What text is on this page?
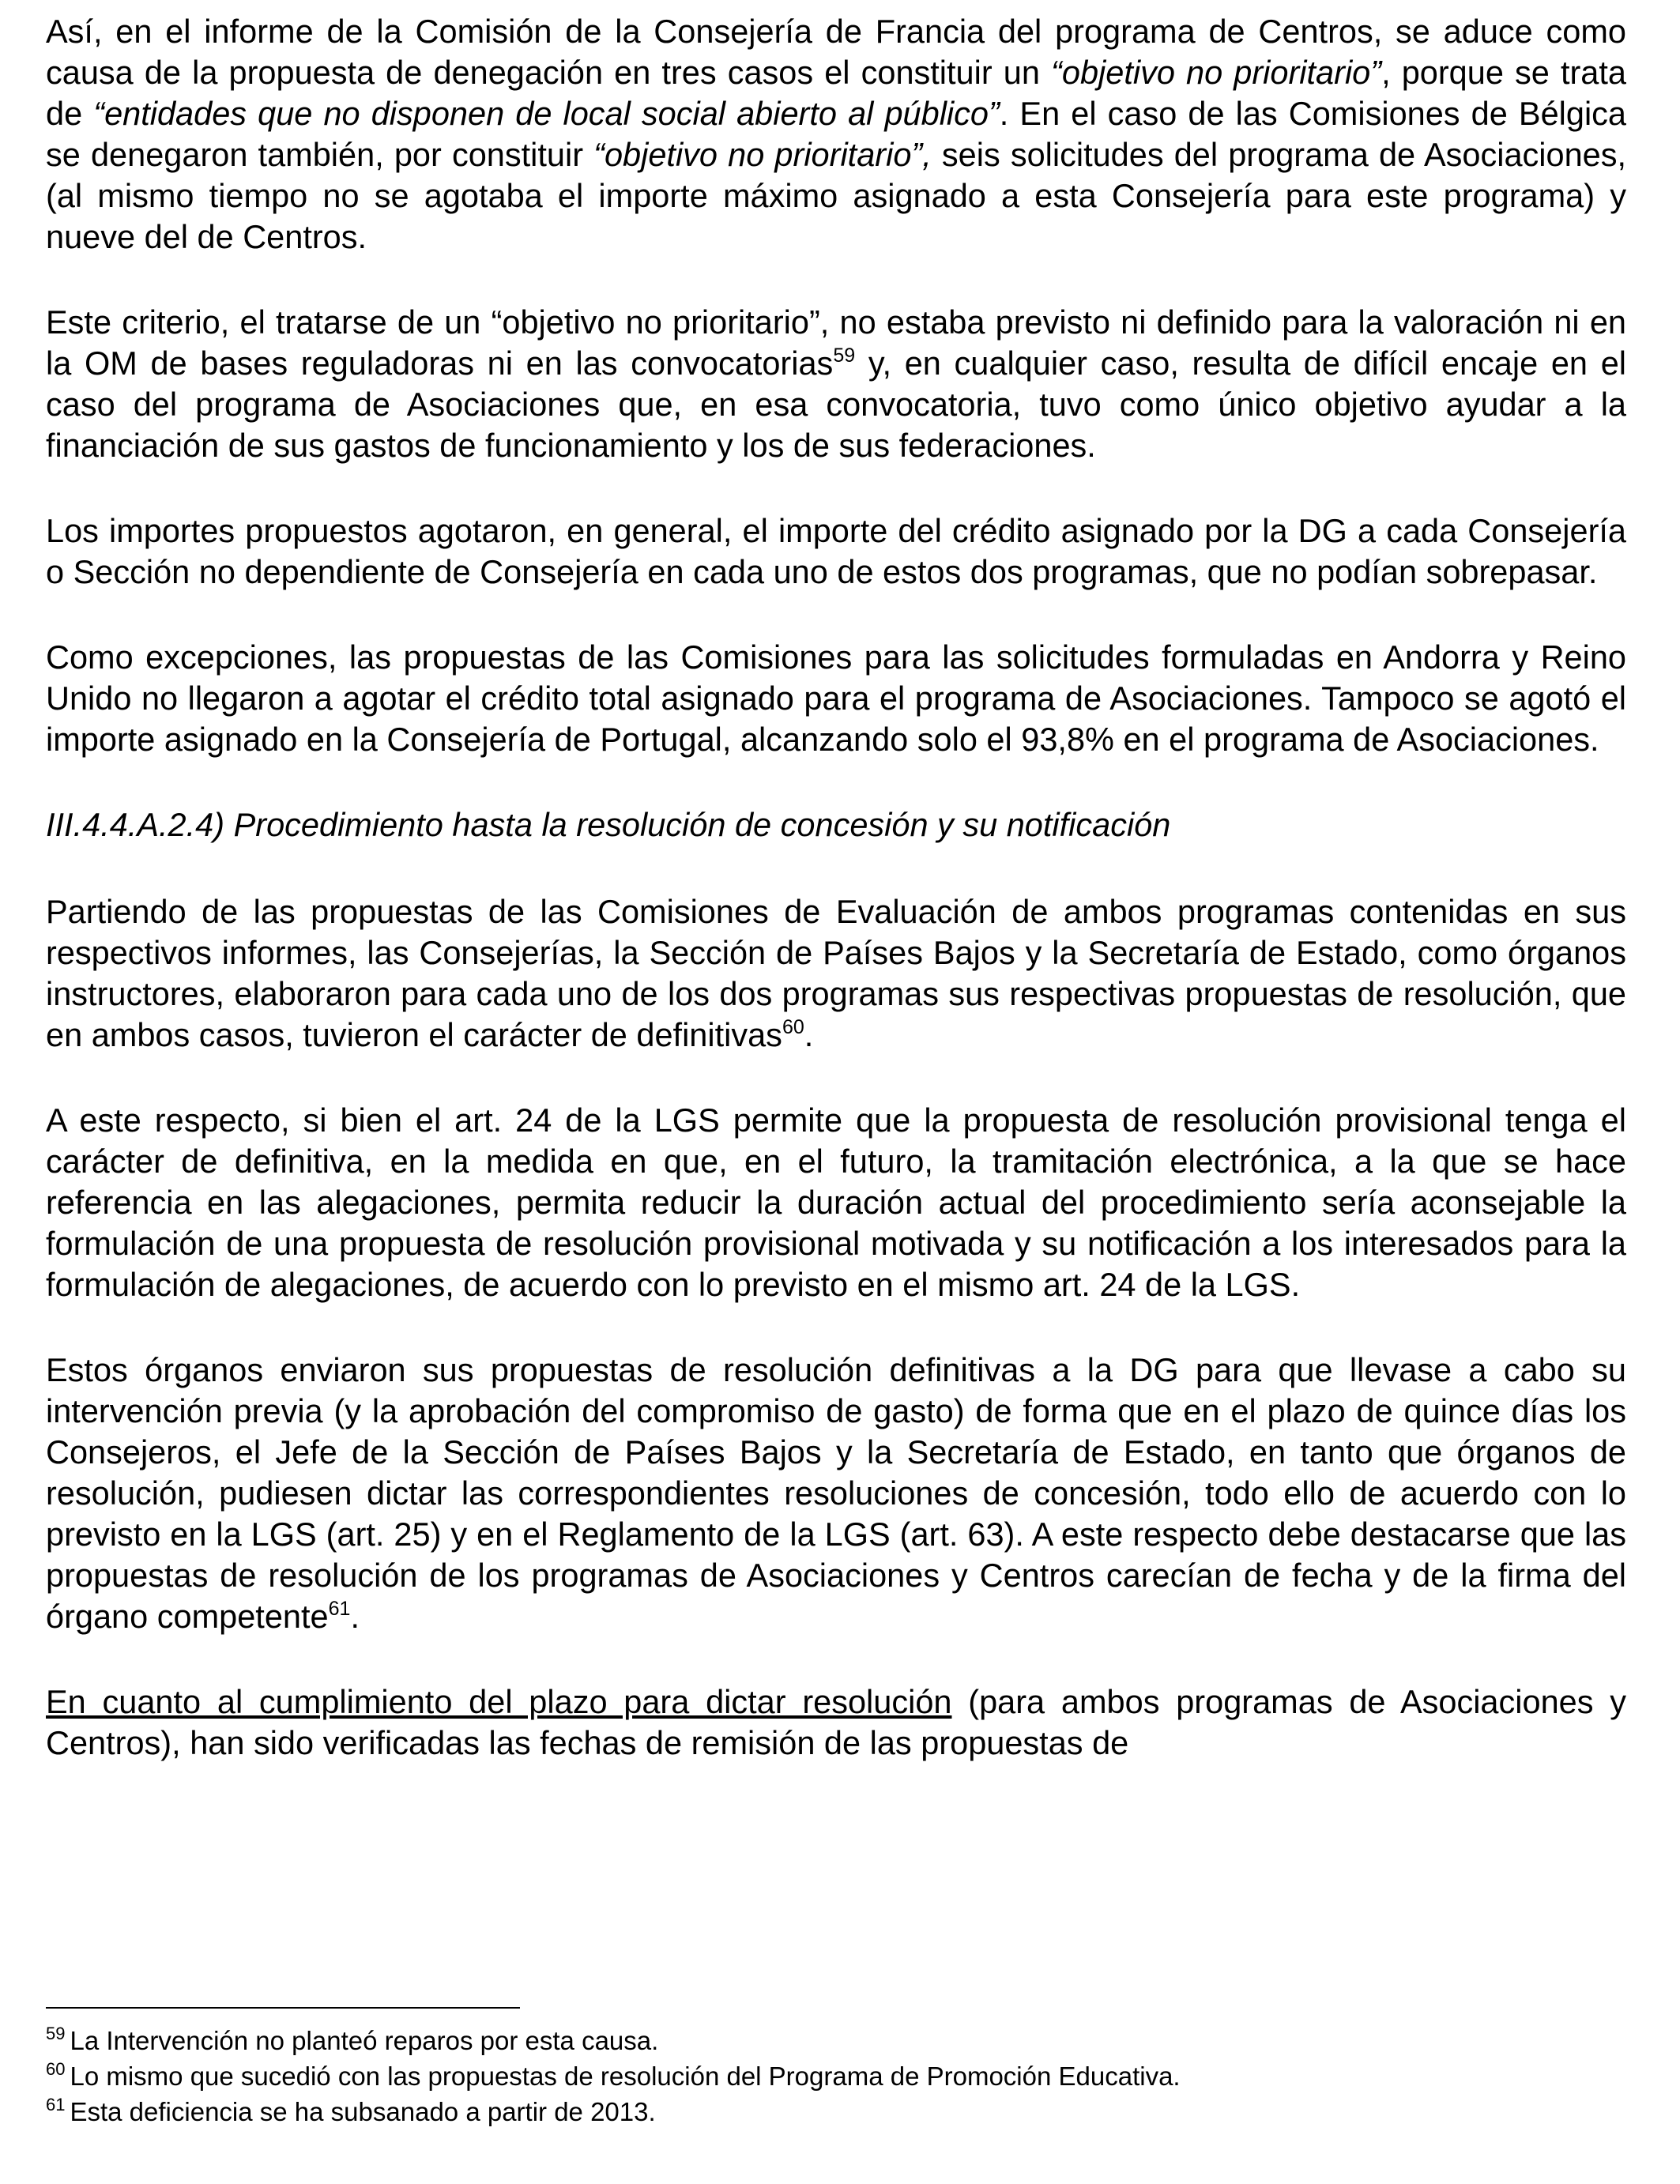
Así, en el informe de la Comisión de la Consejería de Francia del programa de Centros, se aduce como causa de la propuesta de denegación en tres casos el constituir un “objetivo no prioritario”, porque se trata de “entidades que no disponen de local social abierto al público”. En el caso de las Comisiones de Bélgica se denegaron también, por constituir “objetivo no prioritario”, seis solicitudes del programa de Asociaciones, (al mismo tiempo no se agotaba el importe máximo asignado a esta Consejería para este programa) y nueve del de Centros.

Este criterio, el tratarse de un “objetivo no prioritario”, no estaba previsto ni definido para la valoración ni en la OM de bases reguladoras ni en las convocatorias$^{59}$ y, en cualquier caso, resulta de difícil encaje en el caso del programa de Asociaciones que, en esa convocatoria, tuvo como único objetivo ayudar a la financiación de sus gastos de funcionamiento y los de sus federaciones.

Los importes propuestos agotaron, en general, el importe del crédito asignado por la DG a cada Consejería o Sección no dependiente de Consejería en cada uno de estos dos programas, que no podían sobrepasar.

Como excepciones, las propuestas de las Comisiones para las solicitudes formuladas en Andorra y Reino Unido no llegaron a agotar el crédito total asignado para el programa de Asociaciones. Tampoco se agotó el importe asignado en la Consejería de Portugal, alcanzando solo el 93,8% en el programa de Asociaciones.

III.4.4.A.2.4) Procedimiento hasta la resolución de concesión y su notificación

Partiendo de las propuestas de las Comisiones de Evaluación de ambos programas contenidas en sus respectivos informes, las Consejerías, la Sección de Países Bajos y la Secretaría de Estado, como órganos instructores, elaboraron para cada uno de los dos programas sus respectivas propuestas de resolución, que en ambos casos, tuvieron el carácter de definitivas$^{60}$.

A este respecto, si bien el art. 24 de la LGS permite que la propuesta de resolución provisional tenga el carácter de definitiva, en la medida en que, en el futuro, la tramitación electrónica, a la que se hace referencia en las alegaciones, permita reducir la duración actual del procedimiento sería aconsejable la formulación de una propuesta de resolución provisional motivada y su notificación a los interesados para la formulación de alegaciones, de acuerdo con lo previsto en el mismo art. 24 de la LGS.

Estos órganos enviaron sus propuestas de resolución definitivas a la DG para que llevase a cabo su intervención previa (y la aprobación del compromiso de gasto) de forma que en el plazo de quince días los Consejeros, el Jefe de la Sección de Países Bajos y la Secretaría de Estado, en tanto que órganos de resolución, pudiesen dictar las correspondientes resoluciones de concesión, todo ello de acuerdo con lo previsto en la LGS (art. 25) y en el Reglamento de la LGS (art. 63). A este respecto debe destacarse que las propuestas de resolución de los programas de Asociaciones y Centros carecían de fecha y de la firma del órgano competente$^{61}$.

En cuanto al cumplimiento del plazo para dictar resolución (para ambos programas de Asociaciones y Centros), han sido verificadas las fechas de remisión de las propuestas de

$^{59}$ La Intervención no planteó reparos por esta causa.

$^{60}$ Lo mismo que sucedió con las propuestas de resolución del Programa de Promoción Educativa.

$^{61}$ Esta deficiencia se ha subsanado a partir de 2013.
